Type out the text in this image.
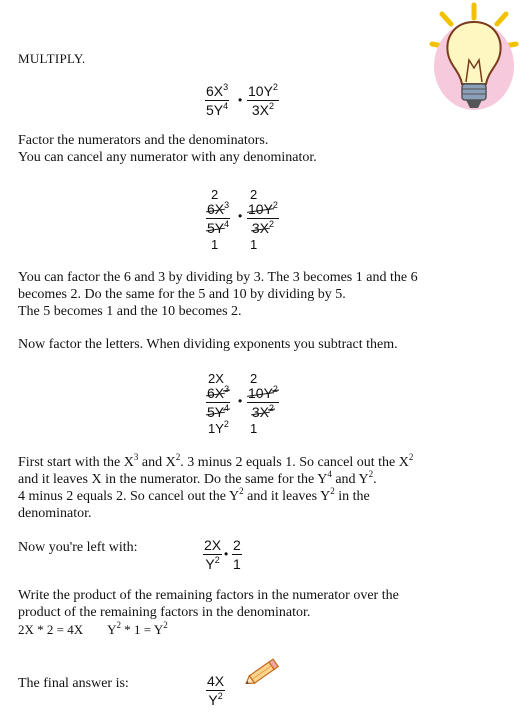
MULTIPLY.
$6X^3$
$5Y^4$ •
$10Y^2$
$3X^2$
Factor the numerators and the denominators.
You can cancel any numerator with any denominator.
2 2
$6X^3$
$5Y^4$
• $10Y^2$
$3X^2$
1 1
You can factor the 6 and 3 by dividing by 3. The 3 becomes 1 and the 6
becomes 2. Do the same for the 5 and 10 by dividing by 5.
The 5 becomes 1 and the 10 becomes 2.
Now factor the letters. When dividing exponents you subtract them.
2X 2
$6X^3$
$5Y^4$
• $10Y^2$
$3X^2$
$1Y^2$ 1
First start with the $X^3$ and $X^2$. 3 minus 2 equals 1. So cancel out the $X^2$
and it leaves X in the numerator. Do the same for the $Y^4$ and $Y^2$.
4 minus 2 equals 2. So cancel out the $Y^2$ and it leaves $Y^2$ in the
denominator.
Now you're left with:	2X
$Y^2$ •
2
1
Write the product of the remaining factors in the numerator over the
product of the remaining factors in the denominator.
2X * 2 = 4X $Y^2 * 1 = Y^2$
The final answer is:	4X
$Y^2$
